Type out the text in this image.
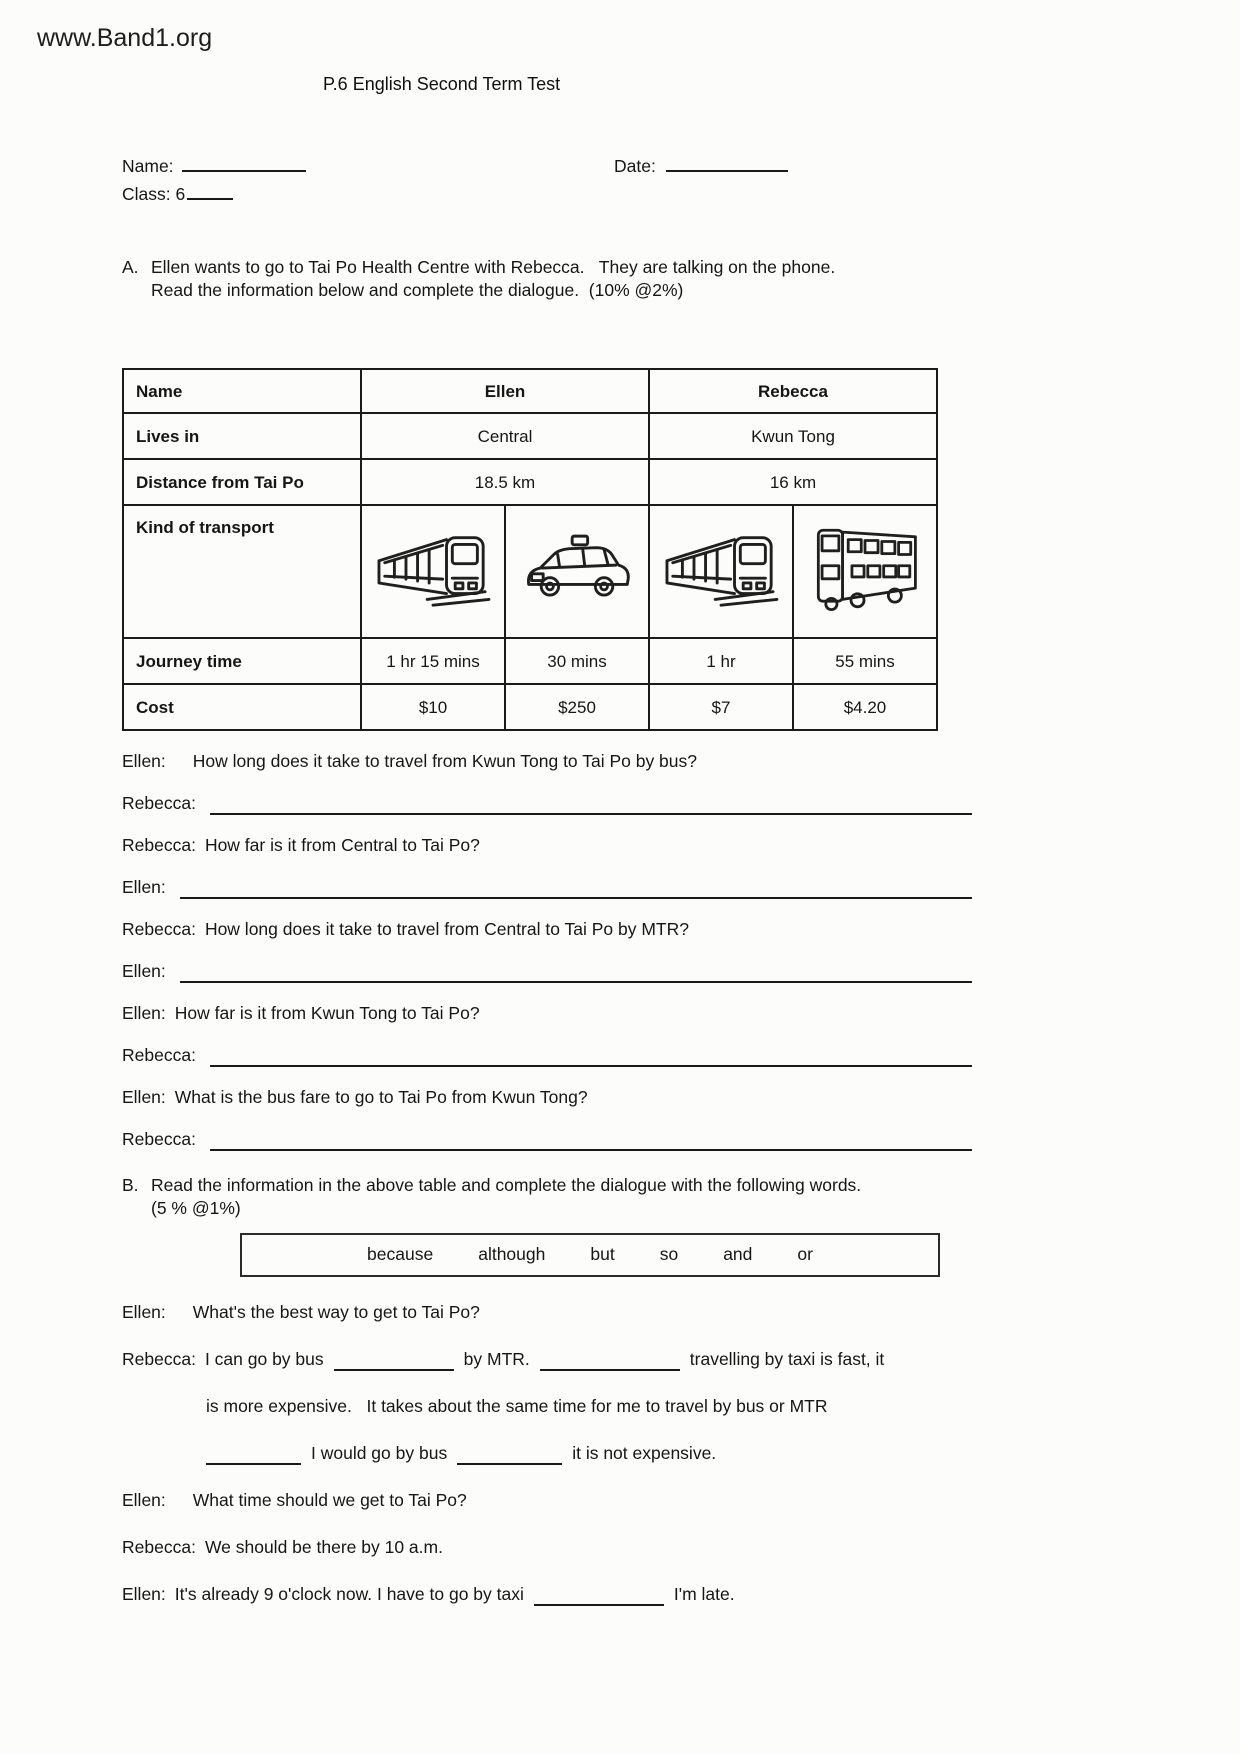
www.Band1.org
P.6 English Second Term Test
Name:	Date:
Class: 6
A. Ellen wants to go to Tai Po Health Centre with Rebecca.   They are talking on the phone.
Read the information below and complete the dialogue.  (10% @2%)
Name	Ellen		Rebecca	
Lives in	Central		Kwun Tong	
Distance from Tai Po	18.5 km		16 km	
Kind of transport				
Journey time	1 hr 15 mins	30 mins	1 hr	55 mins
Cost	$10	$250	$7	$4.20
Ellen: How long does it take to travel from Kwun Tong to Tai Po by bus?
Rebecca:
Rebecca: How far is it from Central to Tai Po?
Ellen:
Rebecca: How long does it take to travel from Central to Tai Po by MTR?
Ellen:
Ellen: How far is it from Kwun Tong to Tai Po?
Rebecca:
Ellen: What is the bus fare to go to Tai Po from Kwun Tong?
Rebecca:
B. Read the information in the above table and complete the dialogue with the following words.
(5 % @1%)
because	although	but	so	and	or
Ellen: What's the best way to get to Tai Po?
Rebecca: I can go by bus	by MTR.	travelling by taxi is fast, it
is more expensive.   It takes about the same time for me to travel by bus or MTR
I would go by bus	it is not expensive.
Ellen: What time should we get to Tai Po?
Rebecca: We should be there by 10 a.m.
Ellen: It's already 9 o'clock now. I have to go by taxi	I'm late.
